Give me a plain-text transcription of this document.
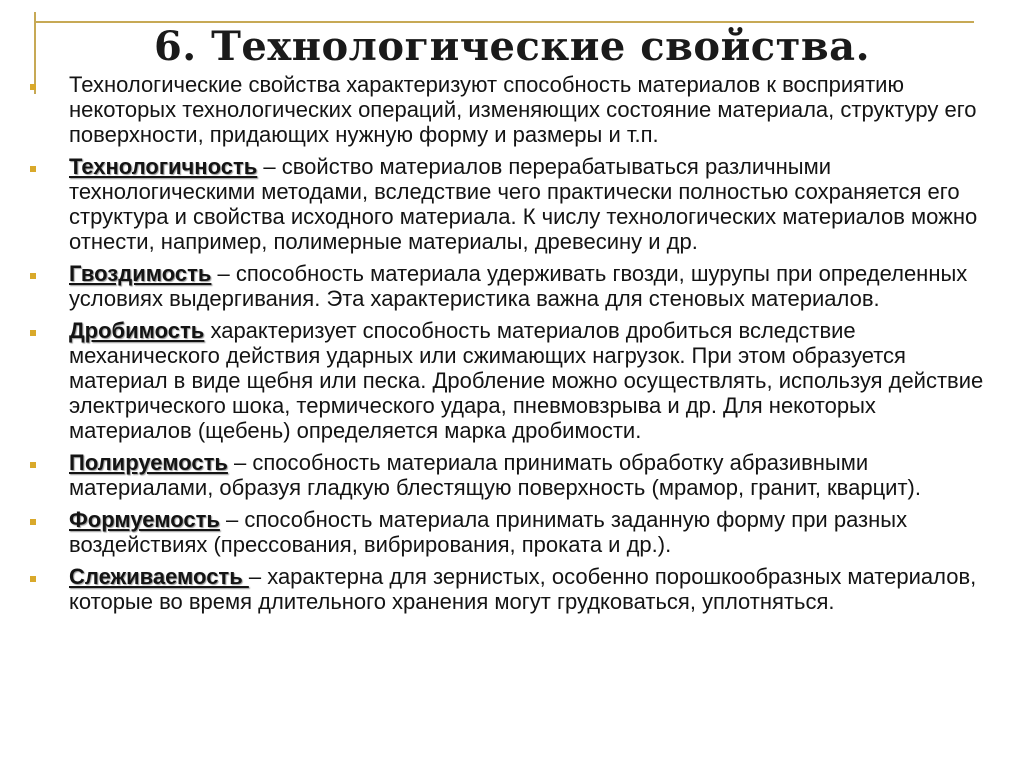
6. Технологические свойства.
Технологические свойства характеризуют способность материалов к восприятию некоторых технологических операций, изменяющих состояние материала, структуру его поверхности, придающих нужную форму и размеры и т.п.
Технологичность – свойство материалов перерабатываться различными технологическими методами, вследствие чего практически полностью сохраняется его структура и свойства исходного материала. К числу технологических материалов можно отнести, например, полимерные материалы, древесину и др.
Гвоздимость – способность материала удерживать гвозди, шурупы при определенных условиях выдергивания. Эта характеристика важна для стеновых материалов.
Дробимость характеризует способность материалов дробиться вследствие механического действия ударных или сжимающих нагрузок. При этом образуется материал в виде щебня или песка. Дробление можно осуществлять, используя действие электрического шока, термического удара, пневмовзрыва и др. Для некоторых материалов (щебень) определяется марка дробимости.
Полируемость – способность материала принимать обработку абразивными материалами, образуя гладкую блестящую поверхность (мрамор, гранит, кварцит).
Формуемость – способность материала принимать заданную форму при разных воздействиях (прессования, вибрирования, проката и др.).
Слеживаемость – характерна для зернистых, особенно порошкообразных материалов, которые во время длительного хранения могут грудковаться, уплотняться.
